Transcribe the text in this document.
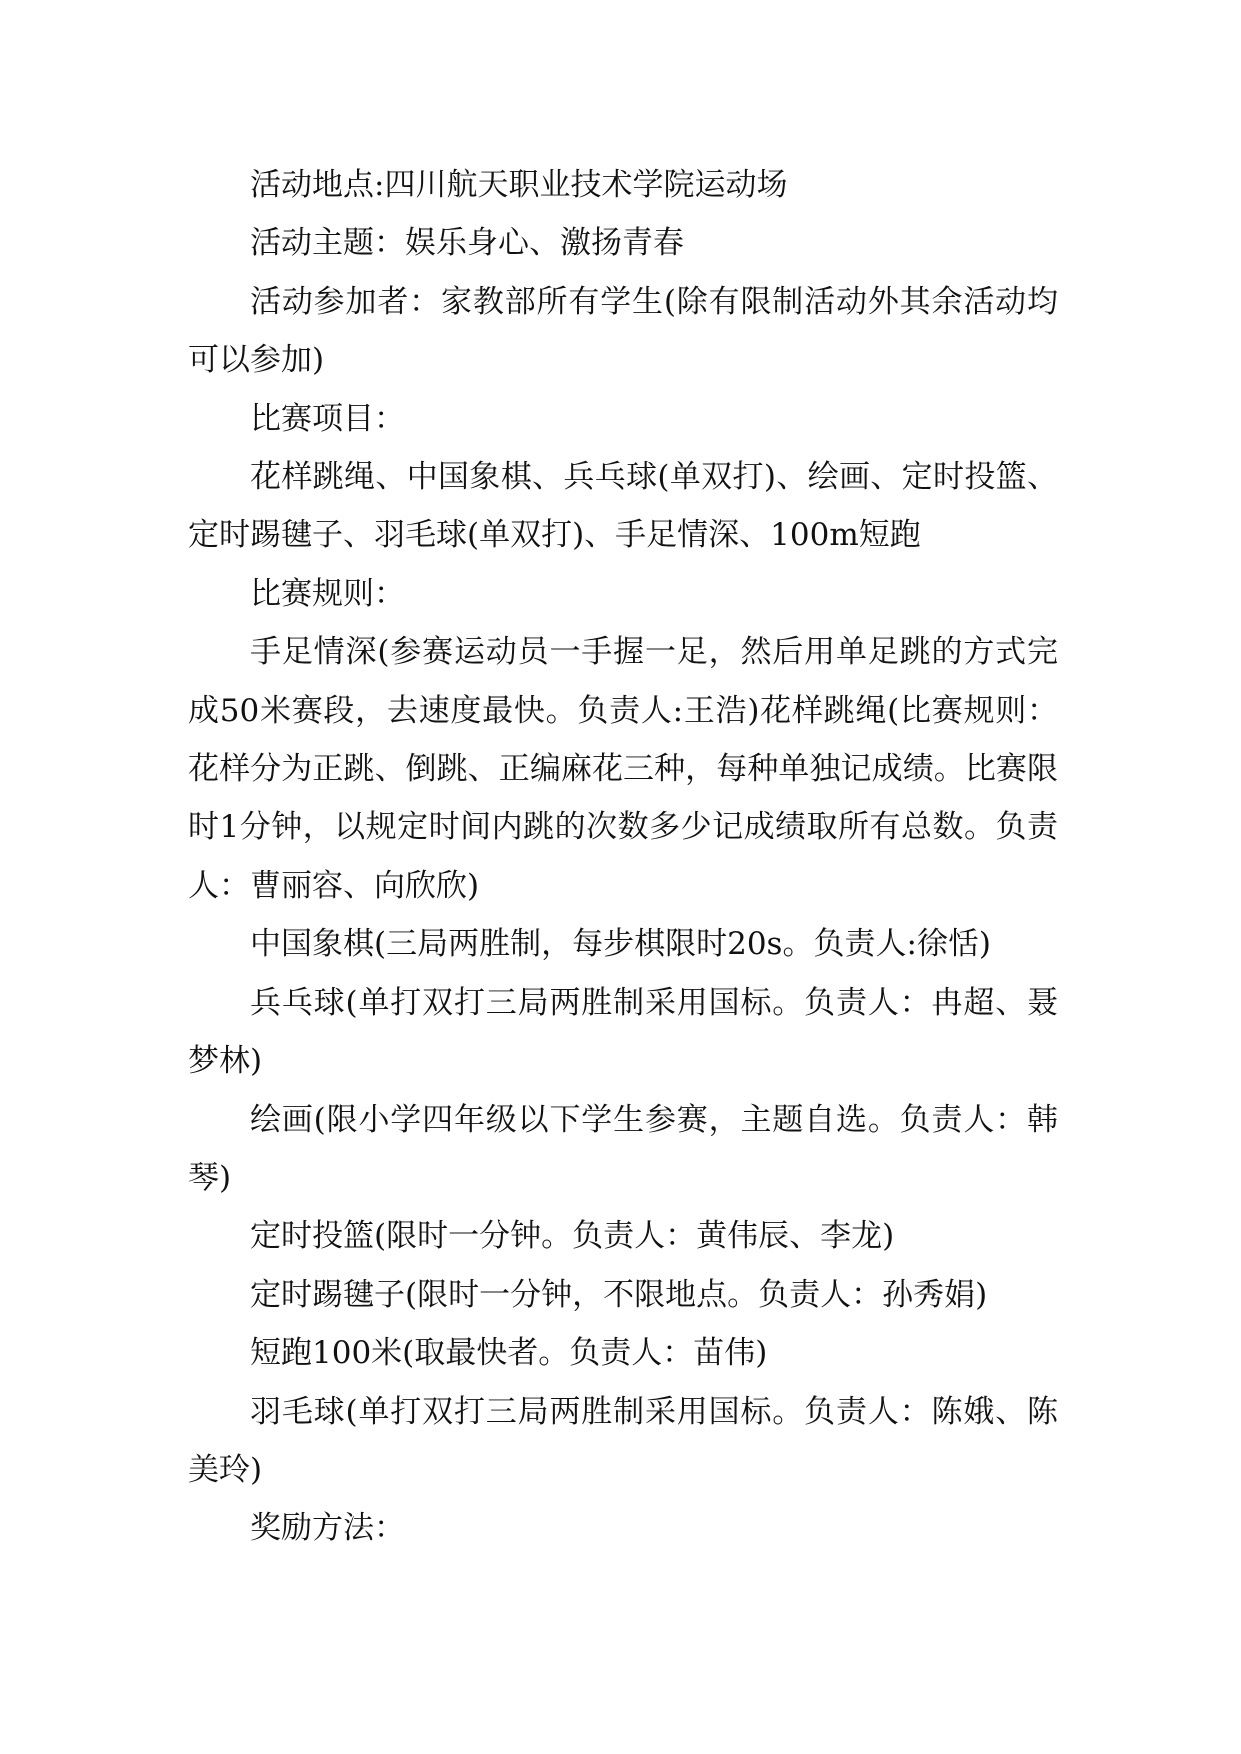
活动地点:四川航天职业技术学院运动场

活动主题：娱乐身心、激扬青春

活动参加者：家教部所有学生(除有限制活动外其余活动均可以参加)

比赛项目：

花样跳绳、中国象棋、兵乓球(单双打)、绘画、定时投篮、定时踢毽子、羽毛球(单双打)、手足情深、100m短跑

比赛规则：

手足情深(参赛运动员一手握一足，然后用单足跳的方式完成50米赛段，去速度最快。负责人:王浩)花样跳绳(比赛规则：花样分为正跳、倒跳、正编麻花三种，每种单独记成绩。比赛限时1分钟，以规定时间内跳的次数多少记成绩取所有总数。负责人：曹丽容、向欣欣)

中国象棋(三局两胜制，每步棋限时20s。负责人:徐恬)

兵乓球(单打双打三局两胜制采用国标。负责人：冉超、聂梦林)

绘画(限小学四年级以下学生参赛，主题自选。负责人：韩琴)

定时投篮(限时一分钟。负责人：黄伟辰、李龙)

定时踢毽子(限时一分钟，不限地点。负责人：孙秀娟)

短跑100米(取最快者。负责人：苗伟)

羽毛球(单打双打三局两胜制采用国标。负责人：陈娥、陈美玲)

奖励方法：
